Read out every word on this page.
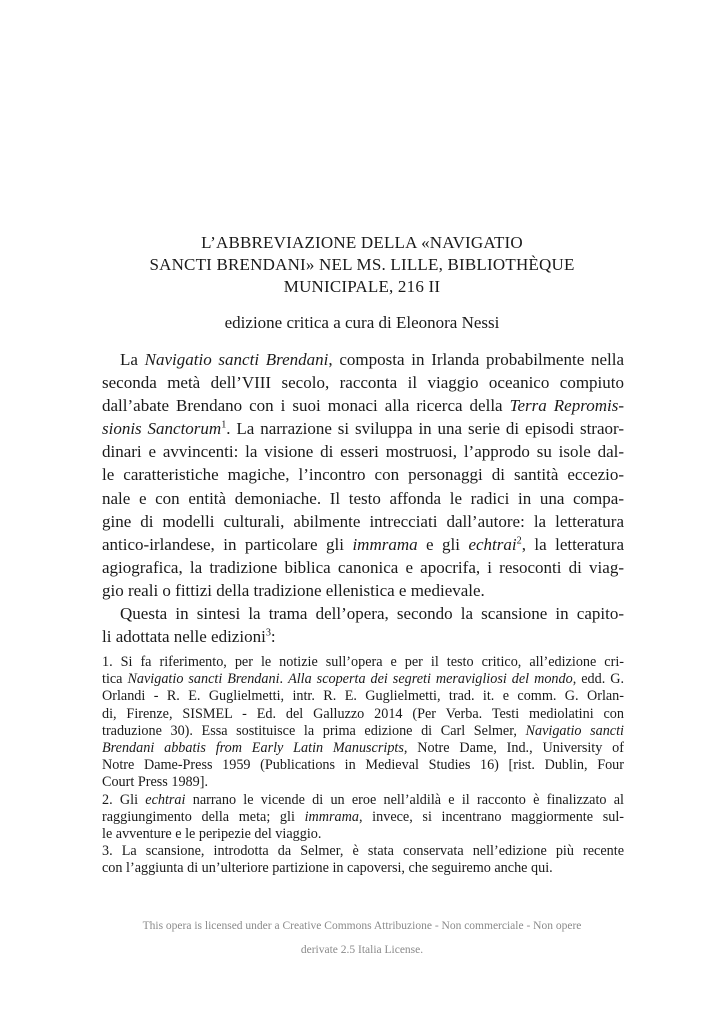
L’ABBREVIAZIONE DELLA «NAVIGATIO
SANCTI BRENDANI» NEL MS. LILLE, BIBLIOTHÈQUE
MUNICIPALE, 216 II
edizione critica a cura di Eleonora Nessi
La Navigatio sancti Brendani, composta in Irlanda probabilmente nella
seconda metà dell’VIII secolo, racconta il viaggio oceanico compiuto
dall’abate Brendano con i suoi monaci alla ricerca della Terra Repromis-
sionis Sanctorum$^1$. La narrazione si sviluppa in una serie di episodi straor-
dinari e avvincenti: la visione di esseri mostruosi, l’approdo su isole dal-
le caratteristiche magiche, l’incontro con personaggi di santità eccezio-
nale e con entità demoniache. Il testo affonda le radici in una compa-
gine di modelli culturali, abilmente intrecciati dall’autore: la letteratura
antico-irlandese, in particolare gli immrama e gli echtrai$^2$, la letteratura
agiografica, la tradizione biblica canonica e apocrifa, i resoconti di viag-
gio reali o fittizi della tradizione ellenistica e medievale.
Questa in sintesi la trama dell’opera, secondo la scansione in capito-
li adottata nelle edizioni$^3$:
1. Si fa riferimento, per le notizie sull’opera e per il testo critico, all’edizione cri-
tica Navigatio sancti Brendani. Alla scoperta dei segreti meravigliosi del mondo, edd. G.
Orlandi - R. E. Guglielmetti, intr. R. E. Guglielmetti, trad. it. e comm. G. Orlan-
di, Firenze, SISMEL - Ed. del Galluzzo 2014 (Per Verba. Testi mediolatini con
traduzione 30). Essa sostituisce la prima edizione di Carl Selmer, Navigatio sancti
Brendani abbatis from Early Latin Manuscripts, Notre Dame, Ind., University of
Notre Dame-Press 1959 (Publications in Medieval Studies 16) [rist. Dublin, Four
Court Press 1989].
2. Gli echtrai narrano le vicende di un eroe nell’aldilà e il racconto è finalizzato al
raggiungimento della meta; gli immrama, invece, si incentrano maggiormente sul-
le avventure e le peripezie del viaggio.
3. La scansione, introdotta da Selmer, è stata conservata nell’edizione più recente
con l’aggiunta di un’ulteriore partizione in capoversi, che seguiremo anche qui.
This opera is licensed under a Creative Commons Attribuzione - Non commerciale - Non opere
derivate 2.5 Italia License.
